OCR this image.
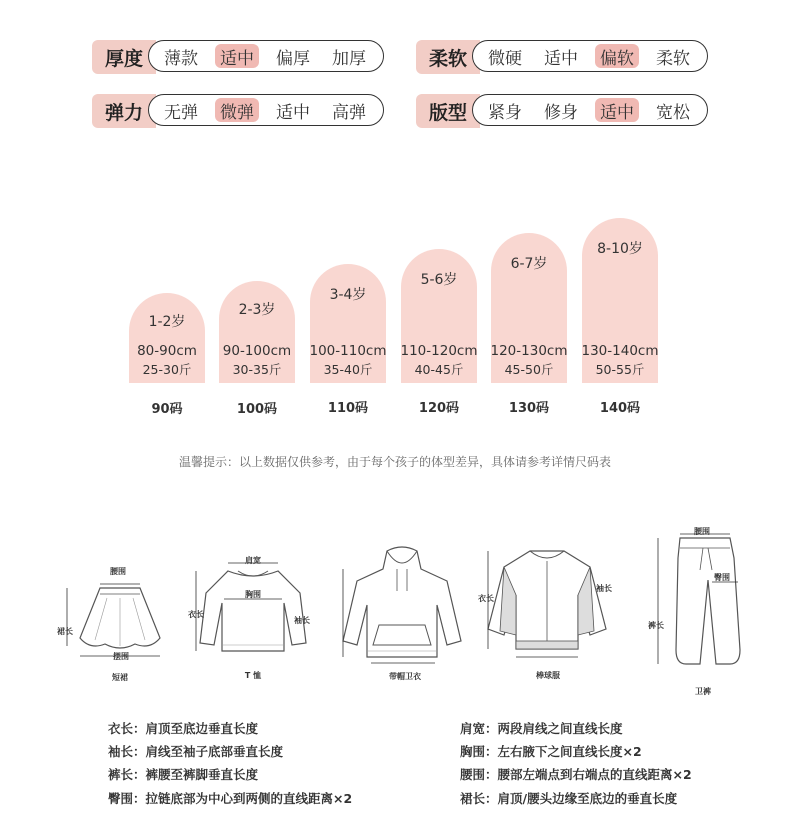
厚度	薄款 适中 偏厚 加厚	柔软	微硬 适中 偏软 柔软
弹力	无弹 微弹 适中 高弹	版型	紧身 修身 适中 宽松
1-2岁
80-90cm
25-30斤
2-3岁
90-100cm
30-35斤
3-4岁
100-110cm
35-40斤
5-6岁
110-120cm
40-45斤
6-7岁
120-130cm
45-50斤
8-10岁
130-140cm
50-55斤
90码	100码	110码	120码	130码	140码
温馨提示：以上数据仅供参考，由于每个孩子的体型差异，具体请参考详情尺码表
腰围
裙长
摆围
短裙
肩宽
衣长
胸围
袖长
T 恤	带帽卫衣
衣长
袖长
棒球服
腰围
裤长
臀围
卫裤
衣长：肩顶至底边垂直长度
袖长：肩线至袖子底部垂直长度
裤长：裤腰至裤脚垂直长度
臀围：拉链底部为中心到两侧的直线距离×2
肩宽：两段肩线之间直线长度
胸围：左右腋下之间直线长度×2
腰围：腰部左端点到右端点的直线距离×2
裙长：肩顶/腰头边缘至底边的垂直长度
